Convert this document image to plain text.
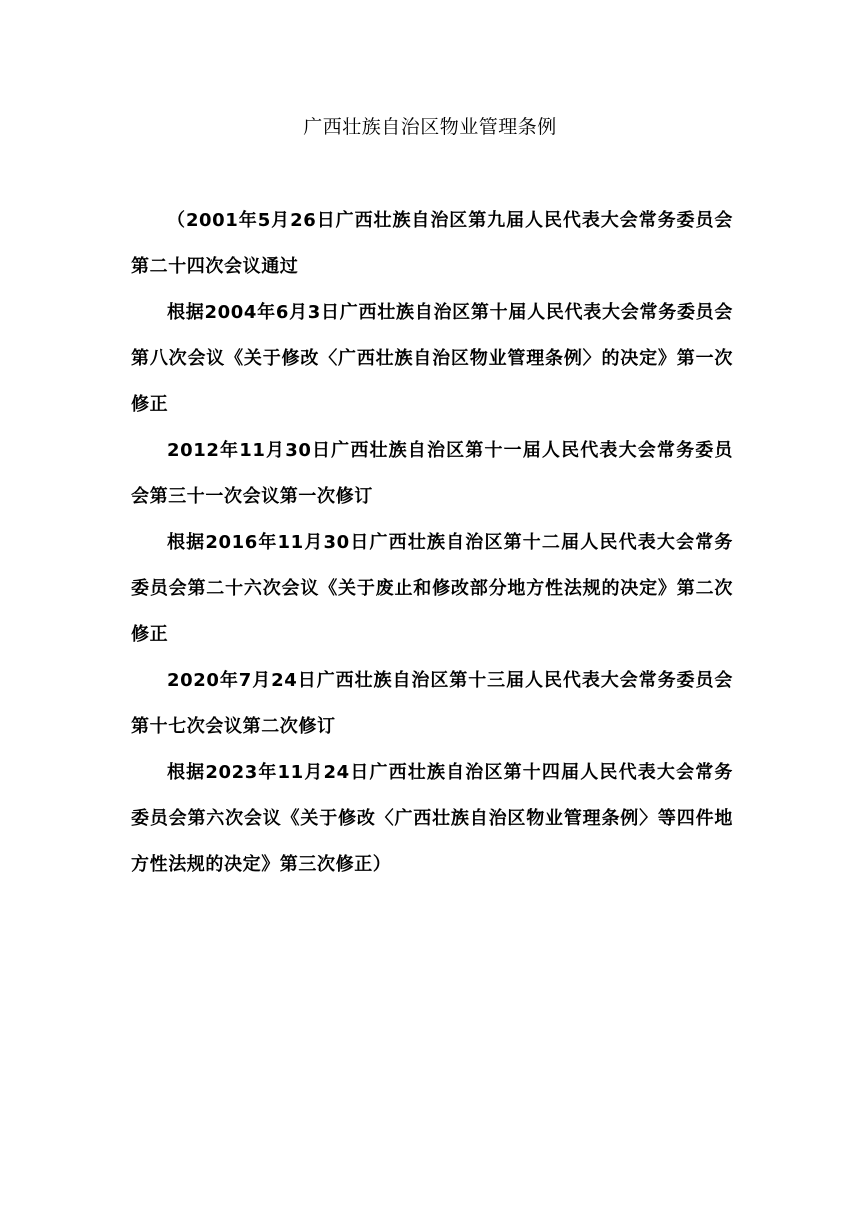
广西壮族自治区物业管理条例

（2001年5月26日广西壮族自治区第九届人民代表大会常务委员会第二十四次会议通过

根据2004年6月3日广西壮族自治区第十届人民代表大会常务委员会第八次会议《关于修改〈广西壮族自治区物业管理条例〉的决定》第一次修正

2012年11月30日广西壮族自治区第十一届人民代表大会常务委员会第三十一次会议第一次修订

根据2016年11月30日广西壮族自治区第十二届人民代表大会常务委员会第二十六次会议《关于废止和修改部分地方性法规的决定》第二次修正

2020年7月24日广西壮族自治区第十三届人民代表大会常务委员会第十七次会议第二次修订

根据2023年11月24日广西壮族自治区第十四届人民代表大会常务委员会第六次会议《关于修改〈广西壮族自治区物业管理条例〉等四件地方性法规的决定》第三次修正）
